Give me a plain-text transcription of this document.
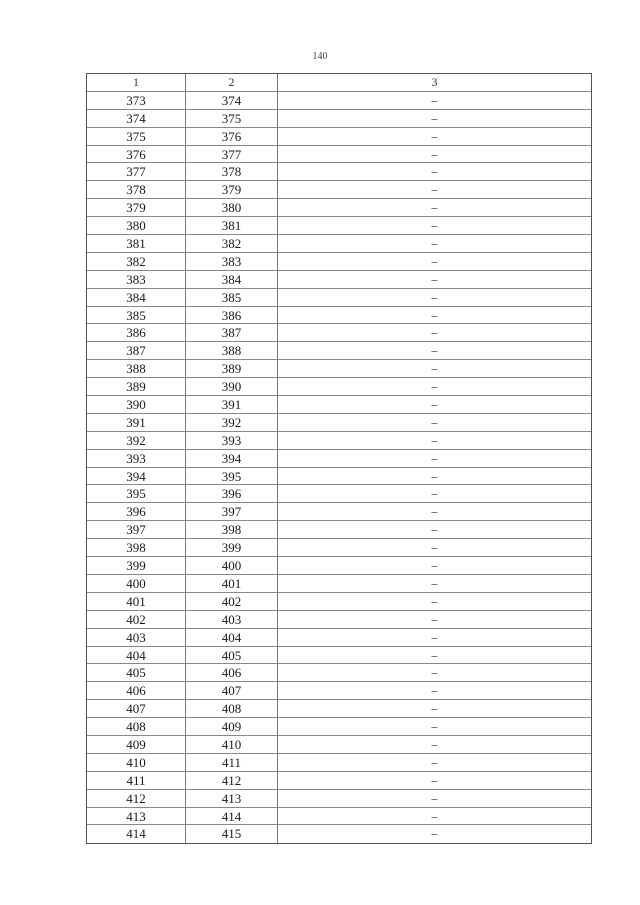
140
1	2	3
373	374	–
374	375	–
375	376	–
376	377	–
377	378	–
378	379	–
379	380	–
380	381	–
381	382	–
382	383	–
383	384	–
384	385	–
385	386	–
386	387	–
387	388	–
388	389	–
389	390	–
390	391	–
391	392	–
392	393	–
393	394	–
394	395	–
395	396	–
396	397	–
397	398	–
398	399	–
399	400	–
400	401	–
401	402	–
402	403	–
403	404	–
404	405	–
405	406	–
406	407	–
407	408	–
408	409	–
409	410	–
410	411	–
411	412	–
412	413	–
413	414	–
414	415	–
